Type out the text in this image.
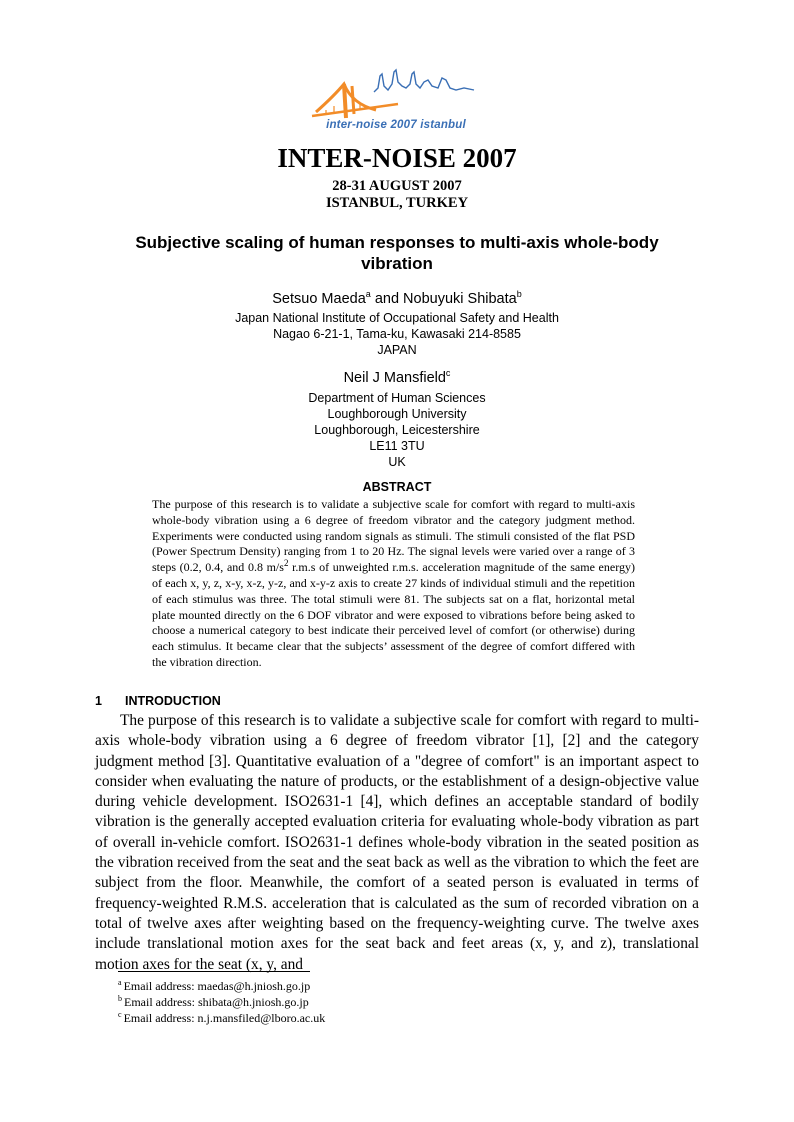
inter-noise 2007 istanbul
INTER-NOISE 2007
28-31 AUGUST 2007
ISTANBUL, TURKEY
Subjective scaling of human responses to multi-axis whole-body vibration
Setsuo Maeda$^a$ and Nobuyuki Shibata$^b$
Japan National Institute of Occupational Safety and Health
Nagao 6-21-1, Tama-ku, Kawasaki 214-8585
JAPAN
Neil J Mansfield$^c$
Department of Human Sciences
Loughborough University
Loughborough, Leicestershire
LE11 3TU
UK
ABSTRACT
The purpose of this research is to validate a subjective scale for comfort with regard to multi-axis whole-body vibration using a 6 degree of freedom vibrator and the category judgment method. Experiments were conducted using random signals as stimuli. The stimuli consisted of the flat PSD (Power Spectrum Density) ranging from 1 to 20 Hz. The signal levels were varied over a range of 3 steps (0.2, 0.4, and 0.8 $m/s^2$ r.m.s of unweighted r.m.s. acceleration magnitude of the same energy) of each x, y, z, x-y, x-z, y-z, and x-y-z axis to create 27 kinds of individual stimuli and the repetition of each stimulus was three. The total stimuli were 81. The subjects sat on a flat, horizontal metal plate mounted directly on the 6 DOF vibrator and were exposed to vibrations before being asked to choose a numerical category to best indicate their perceived level of comfort (or otherwise) during each stimulus. It became clear that the subjects’ assessment of the degree of comfort differed with the vibration direction.
1 INTRODUCTION
The purpose of this research is to validate a subjective scale for comfort with regard to multi-axis whole-body vibration using a 6 degree of freedom vibrator [1], [2] and the category judgment method [3]. Quantitative evaluation of a "degree of comfort" is an important aspect to consider when evaluating the nature of products, or the establishment of a design-objective value during vehicle development. ISO2631-1 [4], which defines an acceptable standard of bodily vibration is the generally accepted evaluation criteria for evaluating whole-body vibration as part of overall in-vehicle comfort. ISO2631-1 defines whole-body vibration in the seated position as the vibration received from the seat and the seat back as well as the vibration to which the feet are subject from the floor. Meanwhile, the comfort of a seated person is evaluated in terms of frequency-weighted R.M.S. acceleration that is calculated as the sum of recorded vibration on a total of twelve axes after weighting based on the frequency-weighting curve. The twelve axes include translational motion axes for the seat back and feet areas (x, y, and z), translational motion axes for the seat (x, y, and
$^a$ Email address: maedas@h.jniosh.go.jp
$^b$ Email address: shibata@h.jniosh.go.jp
$^c$ Email address: n.j.mansfiled@lboro.ac.uk
